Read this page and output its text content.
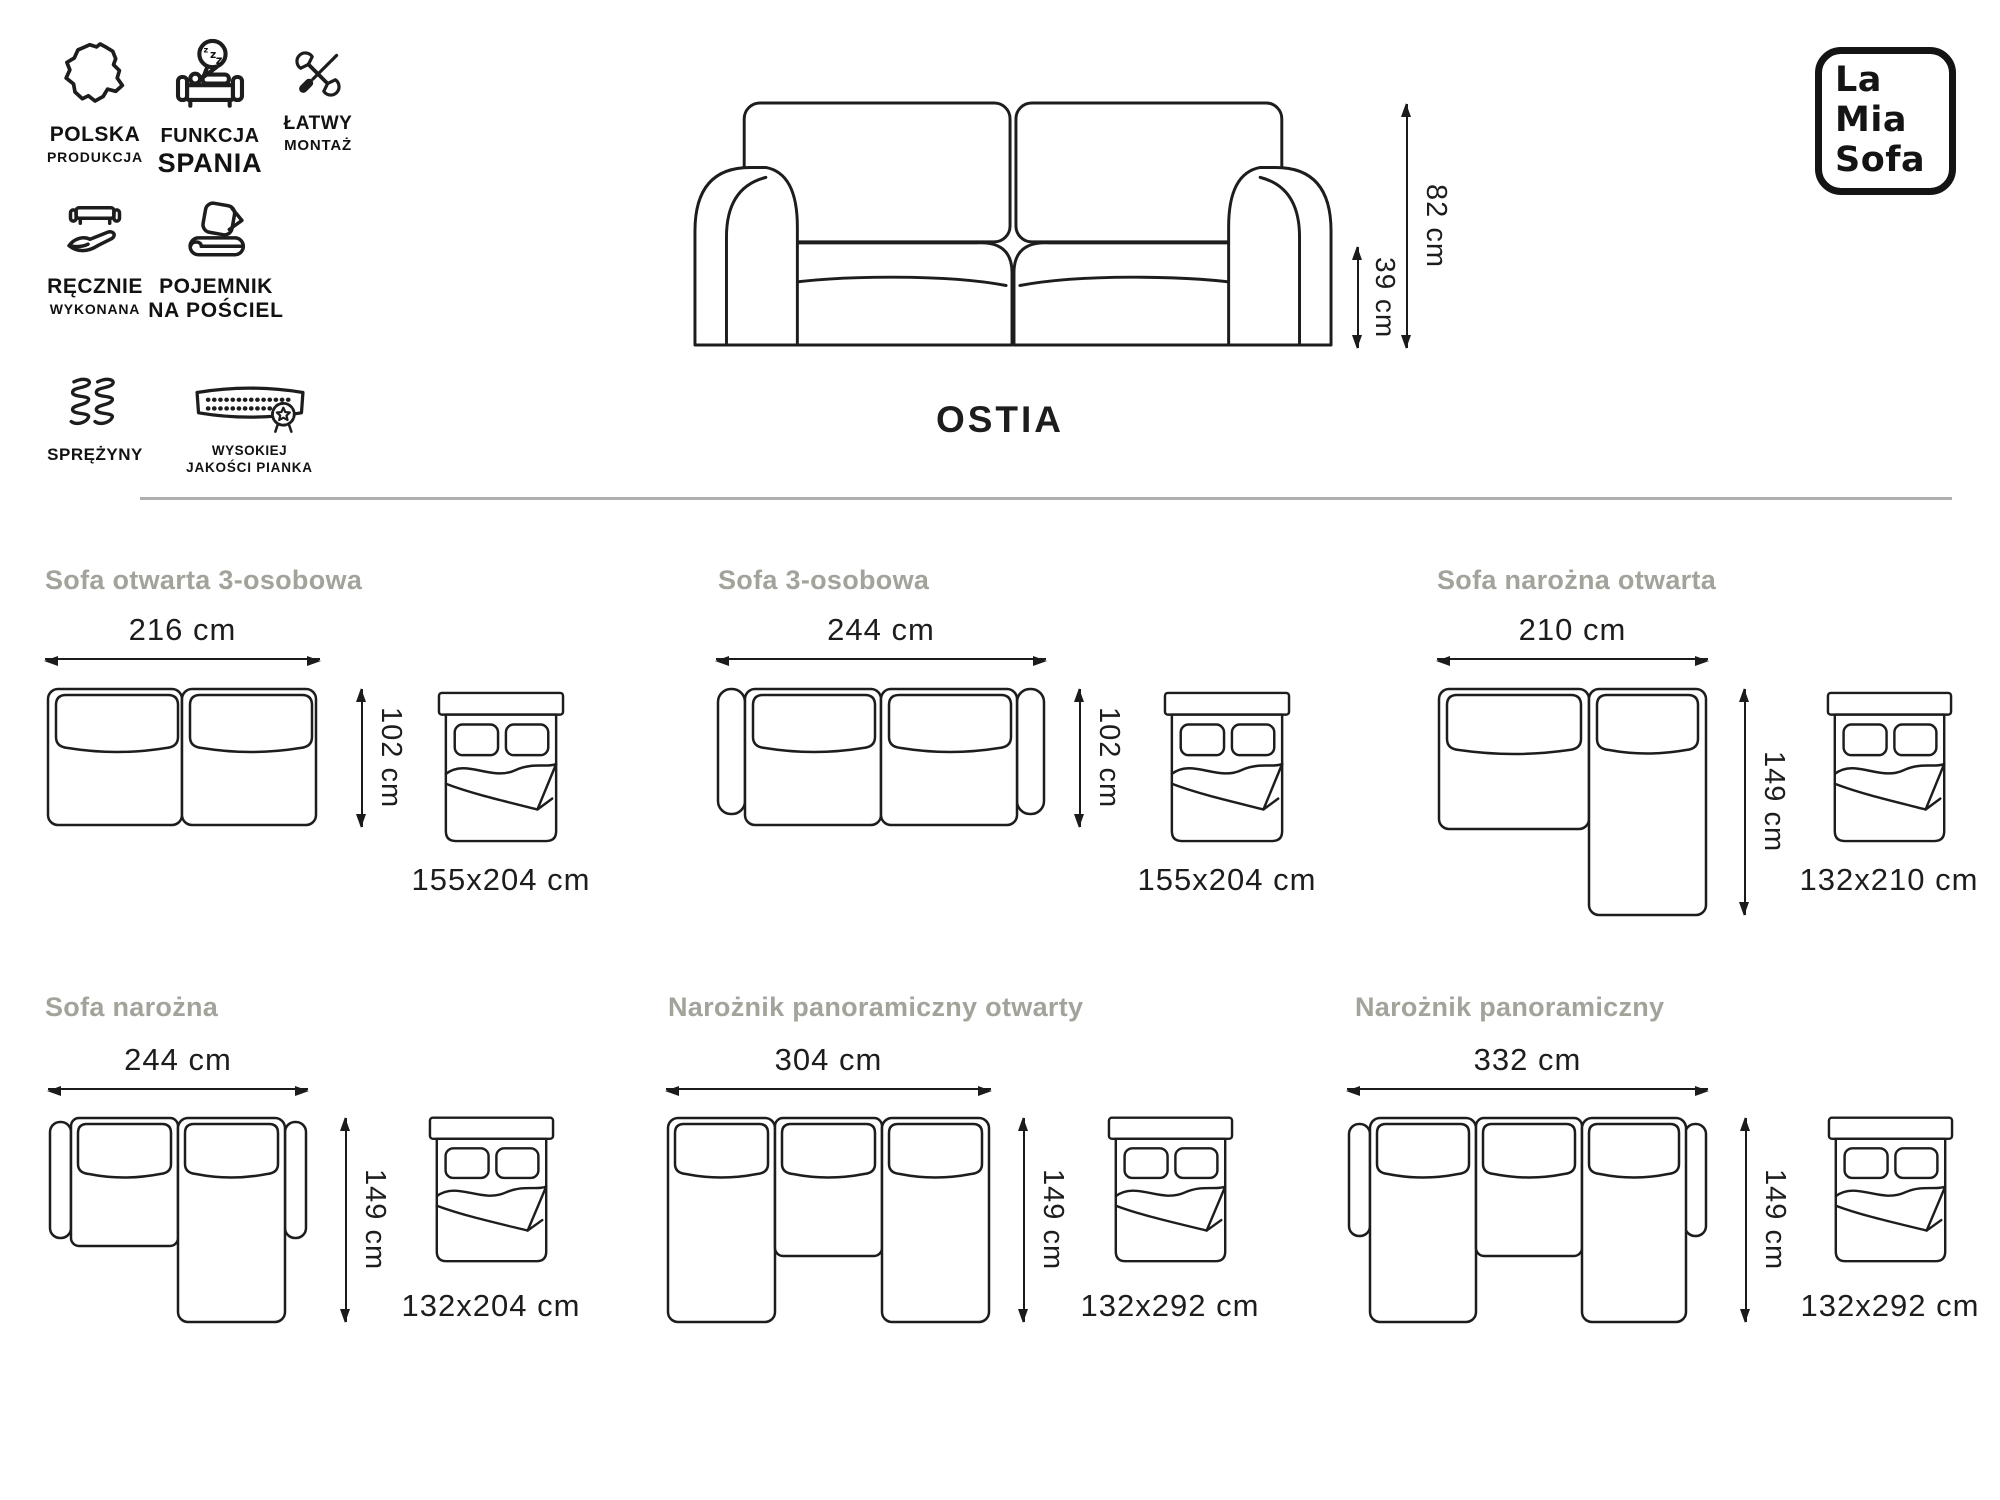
POLSKA
PRODUKCJA
z z z
FUNKCJA
SPANIA
ŁATWY
MONTAŻ
RĘCZNIE
WYKONANA
POJEMNIK
NA POŚCIEL
SPRĘŻYNY	WYSOKIEJ
JAKOŚCI PIANKA
39 cm
82 cm
La
Mia
Sofa
OSTIA
Sofa otwarta 3-osobowa
216 cm
102 cm
155x204 cm
Sofa 3-osobowa
244 cm
102 cm
155x204 cm
Sofa narożna otwarta
210 cm
149 cm
132x210 cm
Sofa narożna
244 cm
149 cm
132x204 cm
Narożnik panoramiczny otwarty
304 cm
149 cm
132x292 cm
Narożnik panoramiczny
332 cm
149 cm
132x292 cm
